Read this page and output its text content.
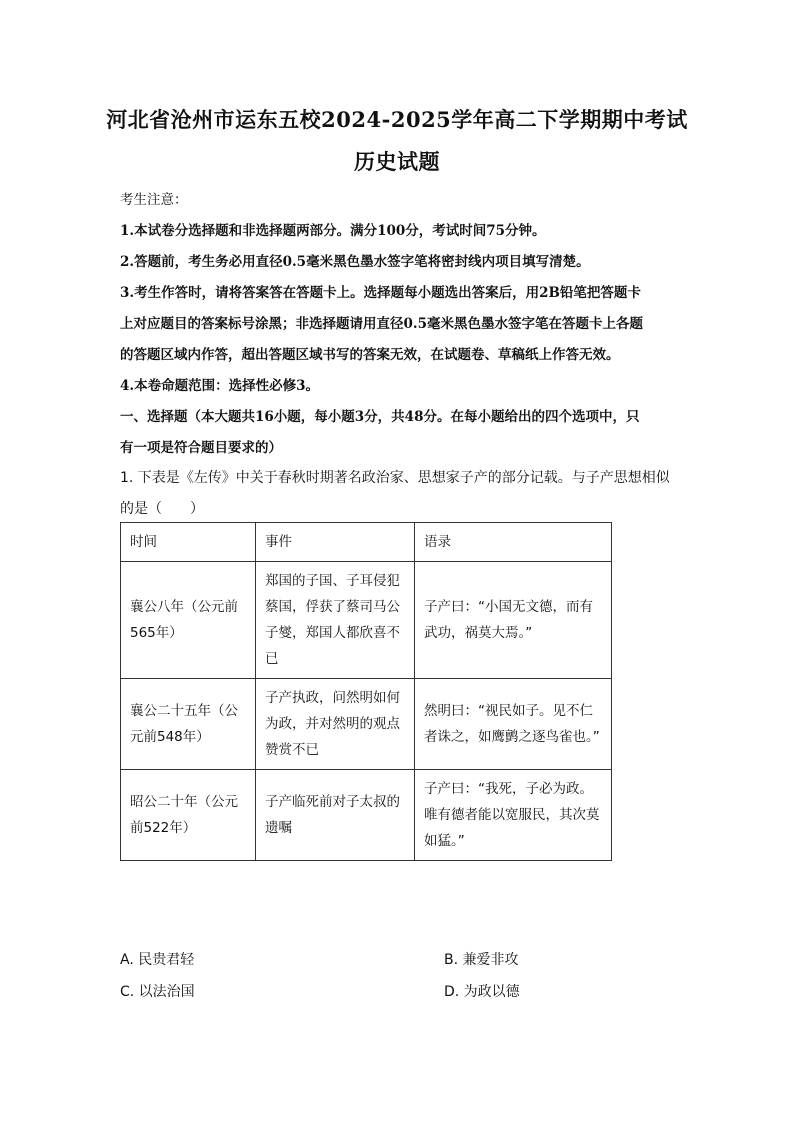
河北省沧州市运东五校2024-2025学年高二下学期期中考试
历史试题
考生注意：
1.本试卷分选择题和非选择题两部分。满分100分，考试时间75分钟。
2.答题前，考生务必用直径0.5毫米黑色墨水签字笔将密封线内项目填写清楚。
3.考生作答时，请将答案答在答题卡上。选择题每小题选出答案后，用2B铅笔把答题卡
上对应题目的答案标号涂黑；非选择题请用直径0.5毫米黑色墨水签字笔在答题卡上各题
的答题区域内作答，超出答题区域书写的答案无效，在试题卷、草稿纸上作答无效。
4.本卷命题范围：选择性必修3。
一、选择题（本大题共16小题，每小题3分，共48分。在每小题给出的四个选项中，只
有一项是符合题目要求的）
1. 下表是《左传》中关于春秋时期著名政治家、思想家子产的部分记载。与子产思想相似
的是（　　）
时间	事件	语录
襄公八年（公元前565年）	郑国的子国、子耳侵犯蔡国，俘获了蔡司马公子燮，郑国人都欣喜不已	子产曰：“小国无文德，而有武功，祸莫大焉。”
襄公二十五年（公元前548年）	子产执政，问然明如何为政，并对然明的观点赞赏不已	然明曰：“视民如子。见不仁者诛之，如鹰鹯之逐鸟雀也。”
昭公二十年（公元前522年）	子产临死前对子太叔的遗嘱	子产曰：“我死，子必为政。唯有德者能以宽服民，其次莫如猛。”
A. 民贵君轻	B. 兼爱非攻
C. 以法治国	D. 为政以德
